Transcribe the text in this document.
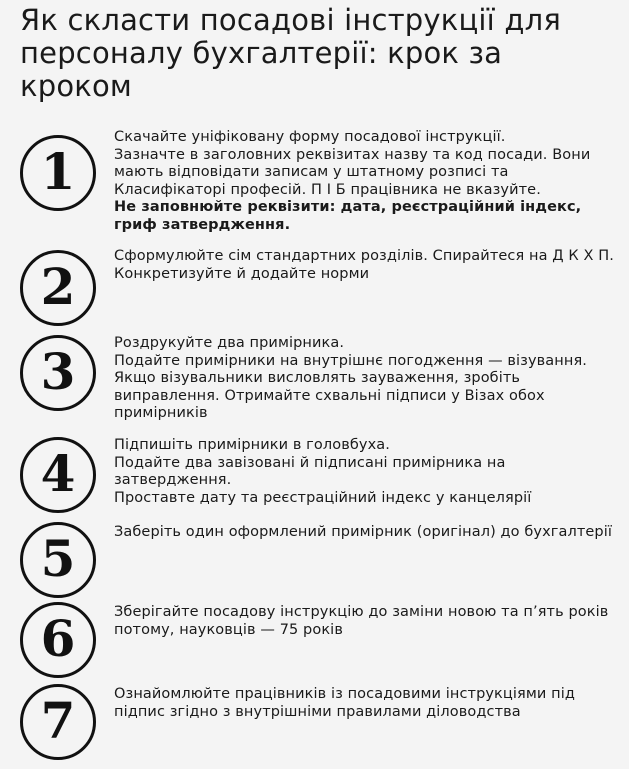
Як скласти посадові інструкції для персоналу бухгалтерії: крок за кроком
1
Скачайте уніфіковану форму посадової інструкції.
Зазначте в заголовних реквізитах назву та код посади. Вони мають відповідати записам у штатному розписі та Класифікаторі професій. П І Б працівника не вказуйте.
Не заповнюйте реквізити: дата, реєстраційний індекс, гриф затвердження.
2
Сформулюйте сім стандартних розділів. Спирайтеся на Д К Х П. Конкретизуйте й додайте норми
3	Роздрукуйте два примірника.
Подайте примірники на внутрішнє погодження — візування. Якщо візувальники висловлять зауваження, зробіть виправлення. Отримайте схвальні підписи у Візах обох примірників
4	Підпишіть примірники в головбуха.
Подайте два завізовані й підписані примірника на затвердження.
Проставте дату та реєстраційний індекс у канцелярії
5	Заберіть один оформлений примірник (оригінал) до бухгалтерії
6	Зберігайте посадову інструкцію до заміни новою та п’ять років потому, науковців — 75 років
7	Ознайомлюйте працівників із посадовими інструкціями під підпис згідно з внутрішніми правилами діловодства
